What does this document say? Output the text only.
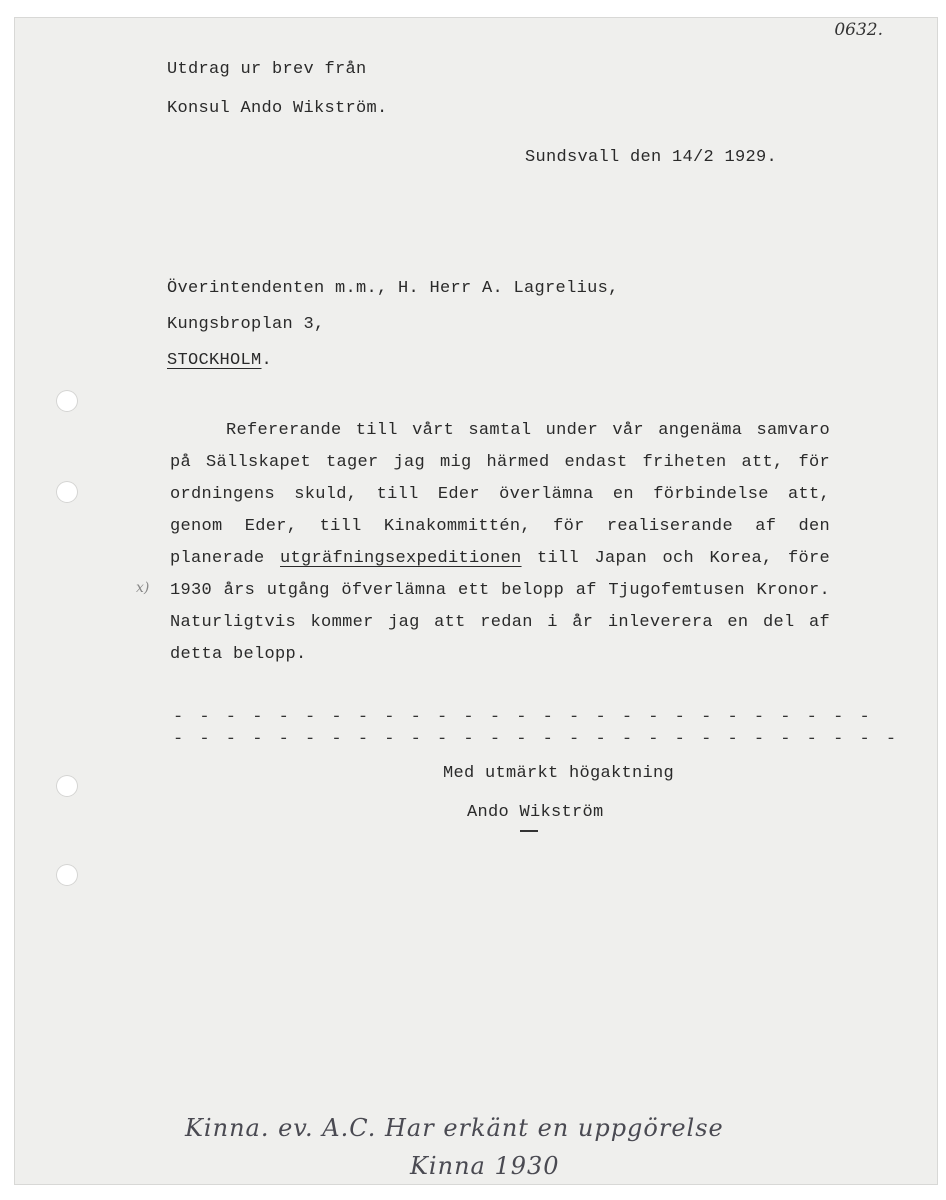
0632.
Utdrag ur brev från
Konsul Ando Wikström.
Sundsvall den 14/2 1929.
Överintendenten m.m., H. Herr A. Lagrelius,
Kungsbroplan 3,
STOCKHOLM.

Refererande till vårt samtal under vår angenäma samvaro på Sällskapet tager jag mig härmed endast friheten att, för ordningens skuld, till Eder överlämna en förbindelse att, genom Eder, till Kinakommittén, för realiserande af den planerade utgräfningsexpeditionen till Japan och Korea, före 1930 års utgång öfverlämna ett belopp af Tjugofemtusen Kronor. Naturligtvis kommer jag att redan i år inleverera en del af detta belopp.

x)
- - - - - - - - - - - - - - - - - - - - - - - - - - -
- - - - - - - - - - - - - - - - - - - - - - - - - - - -
Med utmärkt högaktning
Ando Wikström
Kinna. ev. A.C. Har erkänt en uppgörelse
Kinna 1930
